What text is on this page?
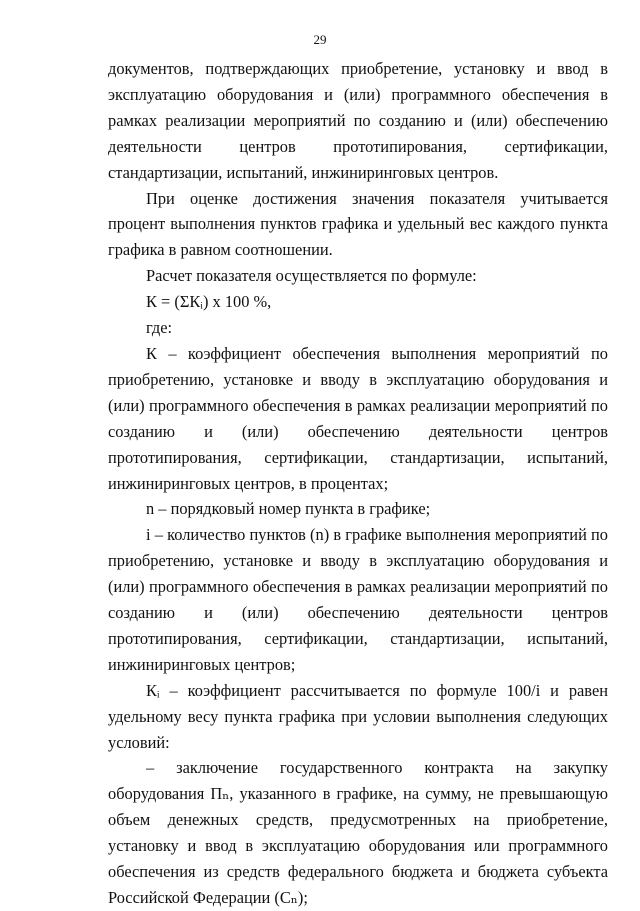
29

документов, подтверждающих приобретение, установку и ввод в эксплуатацию оборудования и (или) программного обеспечения в рамках реализации мероприятий по созданию и (или) обеспечению деятельности центров прототипирования, сертификации, стандартизации, испытаний, инжиниринговых центров.

При оценке достижения значения показателя учитывается процент выполнения пунктов графика и удельный вес каждого пункта графика в равном соотношении.

Расчет показателя осуществляется по формуле:

К = (ΣКᵢ) x 100 %,

где:

К – коэффициент обеспечения выполнения мероприятий по приобретению, установке и вводу в эксплуатацию оборудования и (или) программного обеспечения в рамках реализации мероприятий по созданию и (или) обеспечению деятельности центров прототипирования, сертификации, стандартизации, испытаний, инжиниринговых центров, в процентах;

n – порядковый номер пункта в графике;

i – количество пунктов (n) в графике выполнения мероприятий по приобретению, установке и вводу в эксплуатацию оборудования и (или) программного обеспечения в рамках реализации мероприятий по созданию и (или) обеспечению деятельности центров прототипирования, сертификации, стандартизации, испытаний, инжиниринговых центров;

Кᵢ – коэффициент рассчитывается по формуле 100/i и равен удельному весу пункта графика при условии выполнения следующих условий:

– заключение государственного контракта на закупку оборудования Пₙ, указанного в графике, на сумму, не превышающую объем денежных средств, предусмотренных на приобретение, установку и ввод в эксплуатацию оборудования или программного обеспечения из средств федерального бюджета и бюджета субъекта Российской Федерации (Сₙ);
